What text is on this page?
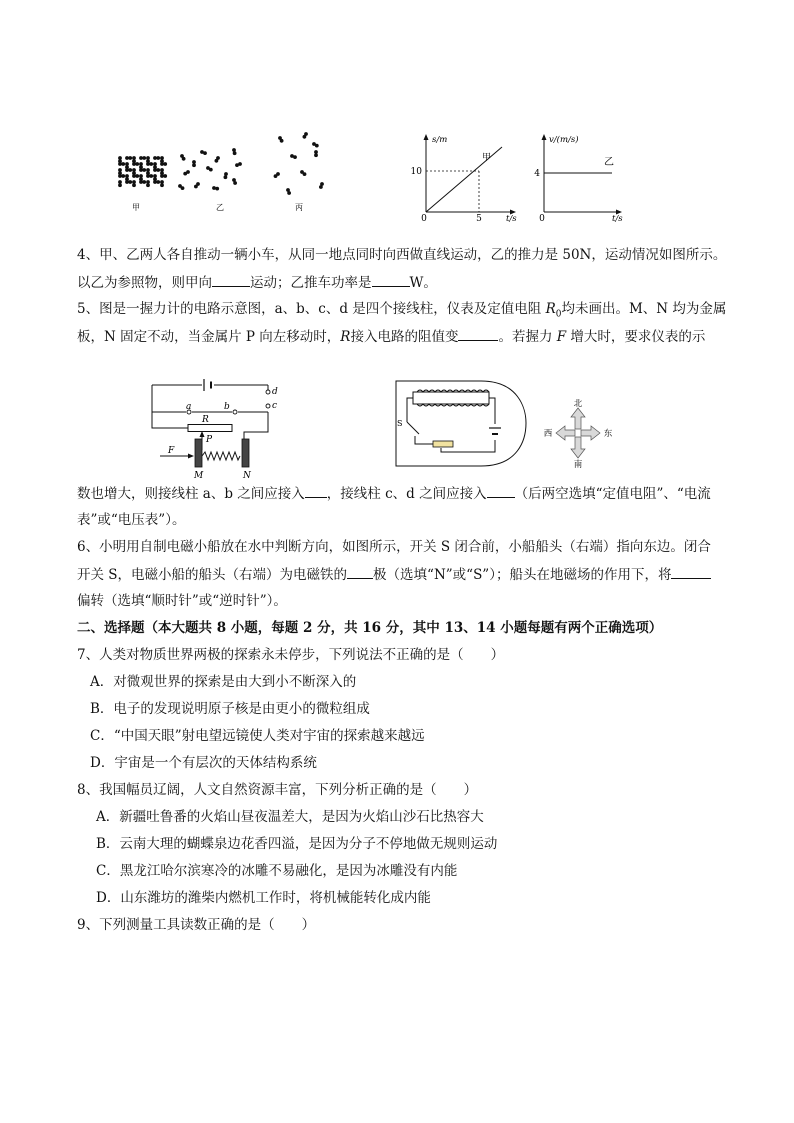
甲	乙	丙
s/m
t/s
0
10
5
甲
v/(m/s)
t/s
0
4
乙
4、甲、乙两人各自推动一辆小车，从同一地点同时向西做直线运动，乙的推力是 50N，运动情况如图所示。
以乙为参照物，则甲向	运动；乙推车功率是	W。
5、图是一握力计的电路示意图，a、b、c、d 是四个接线柱，仪表及定值电阻 $R_0$均未画出。M、N 均为金属
板，N 固定不动，当金属片 P 向左移动时，R接入电路的阻值变	。若握力 F 增大时，要求仪表的示
a	b	c
d
R
P
F
M	N
S
北
南
西	东
数也增大，则接线柱 a、b 之间应接入 ，接线柱 c、d 之间应接入 （后两空选填“定值电阻”、“电流
表”或“电压表”）。
6、小明用自制电磁小船放在水中判断方向，如图所示，开关 S 闭合前，小船船头（右端）指向东边。闭合
开关 S，电磁小船的船头（右端）为电磁铁的 极（选填“N”或“S”）；船头在地磁场的作用下，将
偏转（选填“顺时针”或“逆时针”）。
二、选择题（本大题共 8 小题，每题 2 分，共 16 分，其中 13、14 小题每题有两个正确选项）
7、人类对物质世界两极的探索永未停步，下列说法不正确的是（　　）
A．对微观世界的探索是由大到小不断深入的
B．电子的发现说明原子核是由更小的微粒组成
C．“中国天眼”射电望远镜使人类对宇宙的探索越来越远
D．宇宙是一个有层次的天体结构系统
8、我国幅员辽阔，人文自然资源丰富，下列分析正确的是（　　）
A．新疆吐鲁番的火焰山昼夜温差大，是因为火焰山沙石比热容大
B．云南大理的蝴蝶泉边花香四溢，是因为分子不停地做无规则运动
C．黑龙江哈尔滨寒冷的冰雕不易融化，是因为冰雕没有内能
D．山东潍坊的潍柴内燃机工作时，将机械能转化成内能
9、下列测量工具读数正确的是（　　）
